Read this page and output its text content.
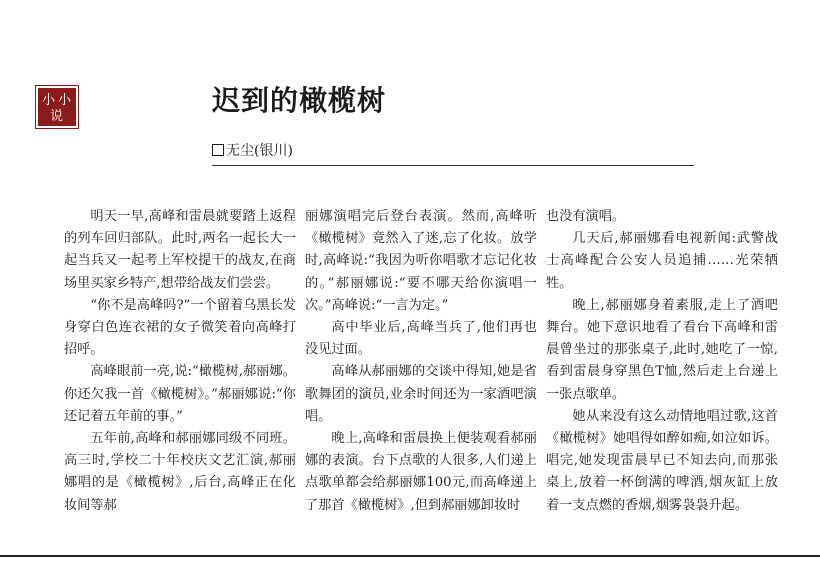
小 小
说	迟到的橄榄树
无尘(银川)

明天一早,高峰和雷晨就要踏上返程的列车回归部队。此时,两名一起长大一起当兵又一起考上军校提干的战友,在商场里买家乡特产,想带给战友们尝尝。

“你不是高峰吗?”一个留着乌黑长发身穿白色连衣裙的女子微笑着向高峰打招呼。

高峰眼前一亮,说:“橄榄树,郝丽娜。你还欠我一首《橄榄树》。”郝丽娜说:“你还记着五年前的事。”

五年前,高峰和郝丽娜同级不同班。高三时,学校二十年校庆文艺汇演,郝丽娜唱的是《橄榄树》,后台,高峰正在化妆间等郝

丽娜演唱完后登台表演。然而,高峰听《橄榄树》竟然入了迷,忘了化妆。放学时,高峰说:“我因为听你唱歌才忘记化妆的。”郝丽娜说:“要不哪天给你演唱一次。”高峰说:“一言为定。”

高中毕业后,高峰当兵了,他们再也没见过面。

高峰从郝丽娜的交谈中得知,她是省歌舞团的演员,业余时间还为一家酒吧演唱。

晚上,高峰和雷晨换上便装观看郝丽娜的表演。台下点歌的人很多,人们递上点歌单都会给郝丽娜100元,而高峰递上了那首《橄榄树》,但到郝丽娜卸妆时

也没有演唱。

几天后,郝丽娜看电视新闻:武警战士高峰配合公安人员追捕……光荣牺牲。

晚上,郝丽娜身着素服,走上了酒吧舞台。她下意识地看了看台下高峰和雷晨曾坐过的那张桌子,此时,她吃了一惊,看到雷晨身穿黑色T恤,然后走上台递上一张点歌单。

她从来没有这么动情地唱过歌,这首《橄榄树》她唱得如醉如痴,如泣如诉。唱完,她发现雷晨早已不知去向,而那张桌上,放着一杯倒满的啤酒,烟灰缸上放着一支点燃的香烟,烟雾袅袅升起。
